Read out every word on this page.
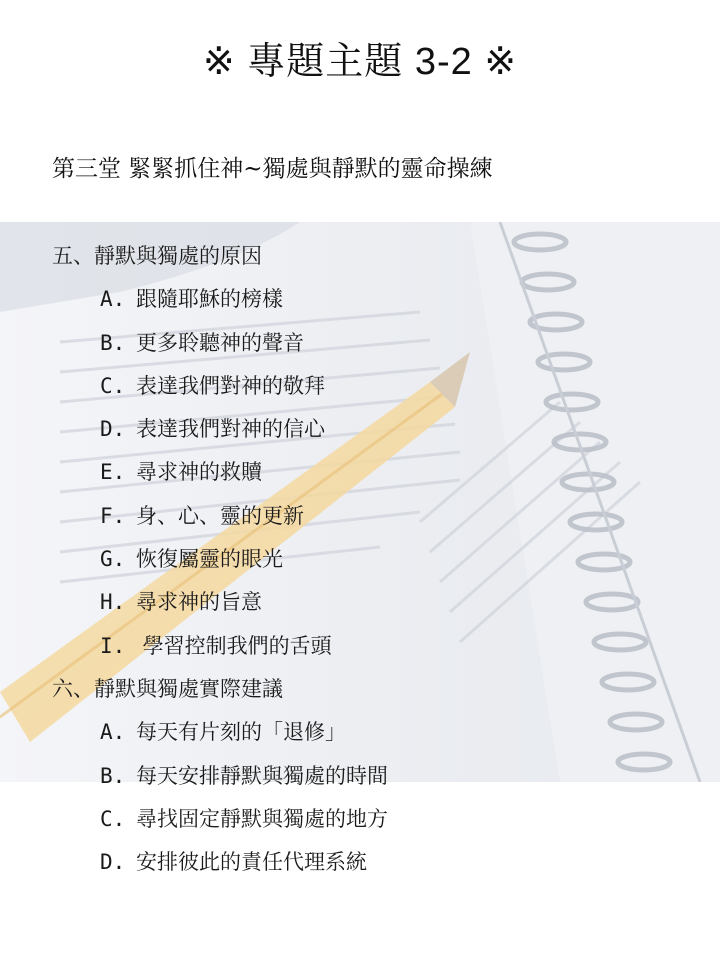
※ 專題主題 3-2 ※
第三堂 緊緊抓住神~獨處與靜默的靈命操練
五、靜默與獨處的原因
A. 跟隨耶穌的榜樣
B. 更多聆聽神的聲音
C. 表達我們對神的敬拜
D. 表達我們對神的信心
E. 尋求神的救贖
F. 身、心、靈的更新
G. 恢復屬靈的眼光
H. 尋求神的旨意
I. 學習控制我們的舌頭
六、靜默與獨處實際建議
A. 每天有片刻的「退修」
B. 每天安排靜默與獨處的時間
C. 尋找固定靜默與獨處的地方
D. 安排彼此的責任代理系統
